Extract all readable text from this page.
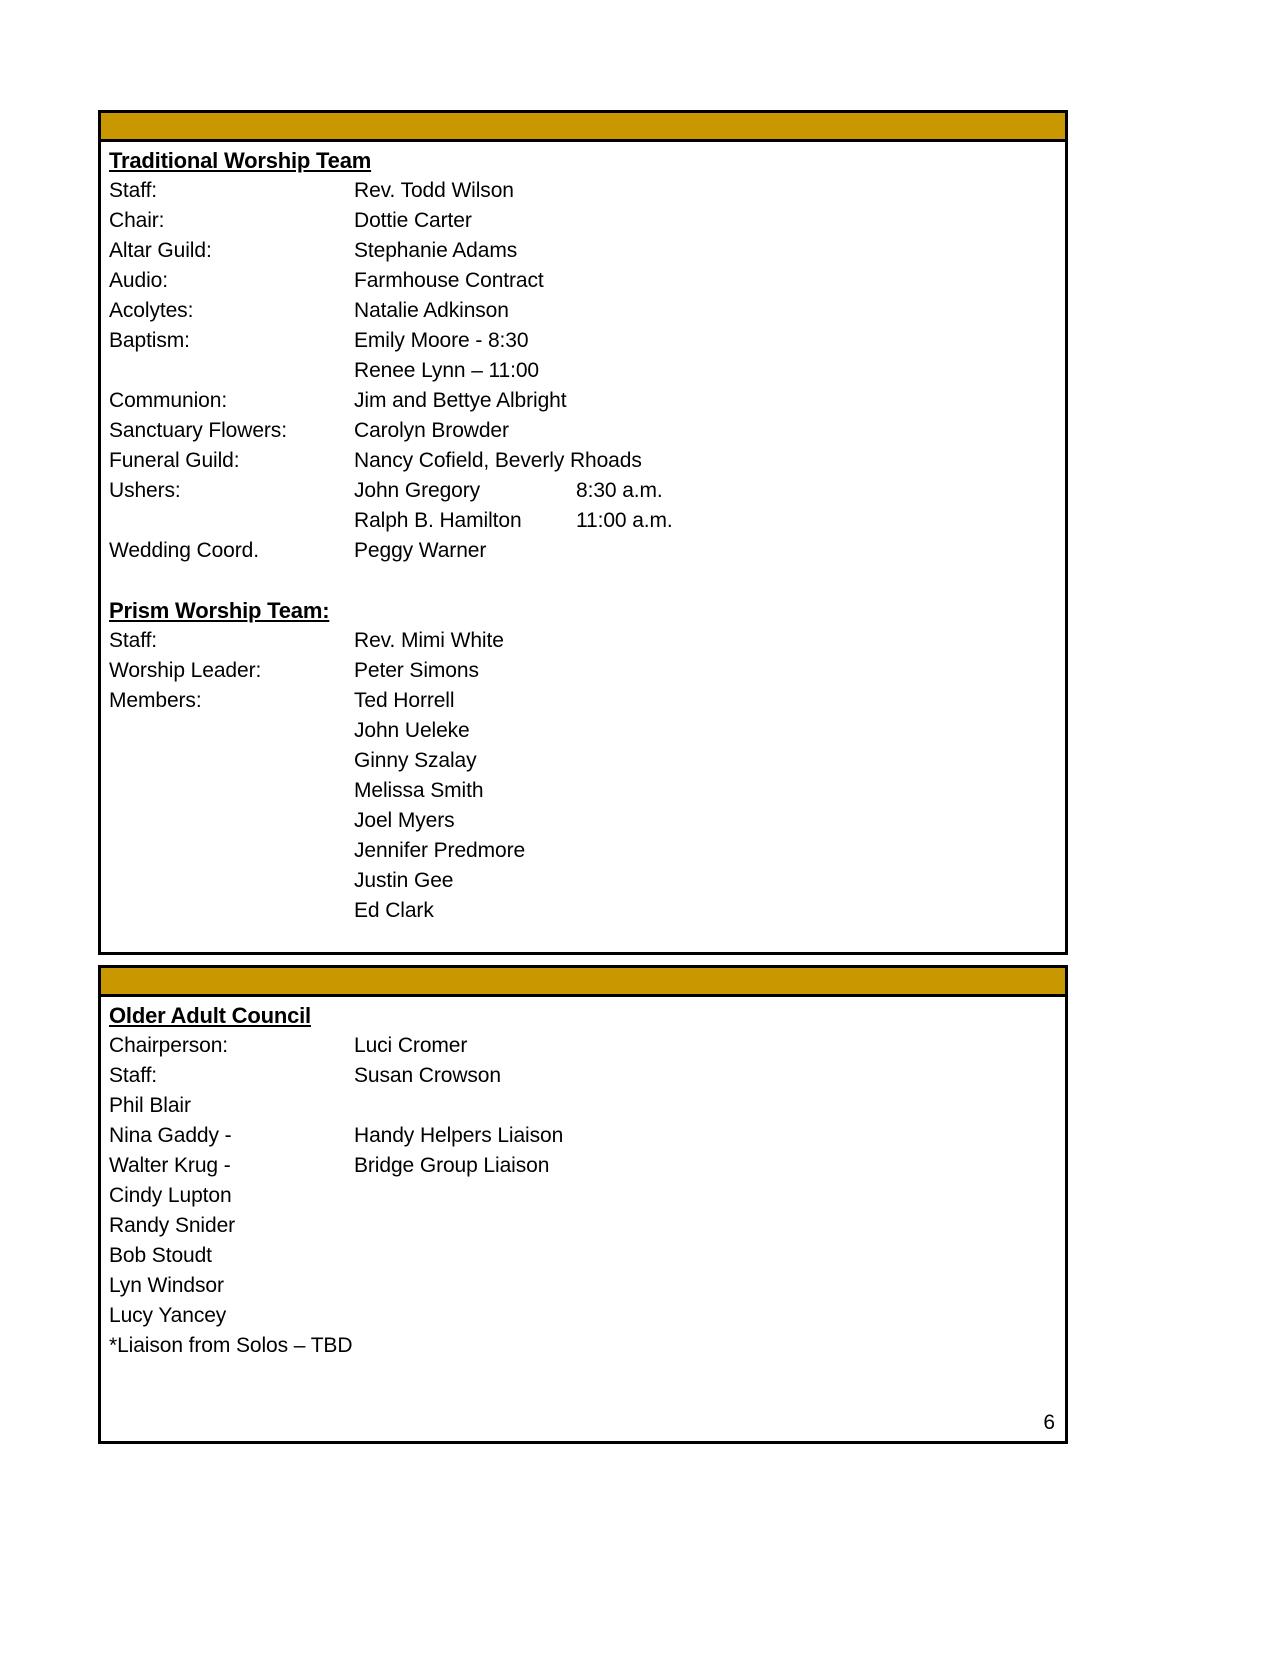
Traditional Worship Team
Staff:	Rev. Todd Wilson
Chair:	Dottie Carter
Altar Guild:	Stephanie Adams
Audio:	Farmhouse Contract
Acolytes:	Natalie Adkinson
Baptism:	Emily Moore - 8:30
Renee Lynn – 11:00
Communion:	Jim and Bettye Albright
Sanctuary Flowers:	Carolyn Browder
Funeral Guild:	Nancy Cofield, Beverly Rhoads
Ushers:	John Gregory	8:30 a.m.
Ralph B. Hamilton	11:00 a.m.
Wedding Coord.	Peggy Warner
Prism Worship Team:
Staff:	Rev. Mimi White
Worship Leader:	Peter Simons
Members:	Ted Horrell
John Ueleke
Ginny Szalay
Melissa Smith
Joel Myers
Jennifer Predmore
Justin Gee
Ed Clark
Older Adult Council
Chairperson:	Luci Cromer
Staff:	Susan Crowson
Phil Blair
Nina Gaddy -	Handy Helpers Liaison
Walter Krug -	Bridge Group Liaison
Cindy Lupton
Randy Snider
Bob Stoudt
Lyn Windsor
Lucy Yancey
*Liaison from Solos – TBD
6
